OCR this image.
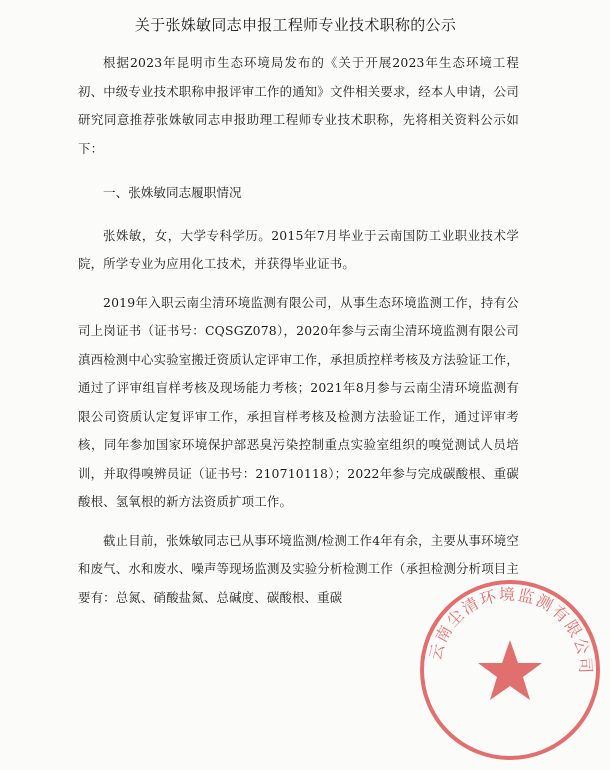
关于张姝敏同志申报工程师专业技术职称的公示

根据2023年昆明市生态环境局发布的《关于开展2023年生态环境工程初、中级专业技术职称申报评审工作的通知》文件相关要求，经本人申请，公司研究同意推荐张姝敏同志申报助理工程师专业技术职称，先将相关资料公示如下：

一、张姝敏同志履职情况

张姝敏，女，大学专科学历。2015年7月毕业于云南国防工业职业技术学院，所学专业为应用化工技术，并获得毕业证书。

2019年入职云南尘清环境监测有限公司，从事生态环境监测工作，持有公司上岗证书（证书号：CQSGZ078），2020年参与云南尘清环境监测有限公司滇西检测中心实验室搬迁资质认定评审工作，承担质控样考核及方法验证工作，通过了评审组盲样考核及现场能力考核；2021年8月参与云南尘清环境监测有限公司资质认定复评审工作，承担盲样考核及检测方法验证工作，通过评审考核，同年参加国家环境保护部恶臭污染控制重点实验室组织的嗅觉测试人员培训，并取得嗅辨员证（证书号：210710118）；2022年参与完成碳酸根、重碳酸根、氢氧根的新方法资质扩项工作。

截止目前，张姝敏同志已从事环境监测/检测工作4年有余，主要从事环境空和废气、水和废水、噪声等现场监测及实验分析检测工作（承担检测分析项目主要有：总氮、硝酸盐氮、总碱度、碳酸根、重碳

云南尘清环境监测有限公司
